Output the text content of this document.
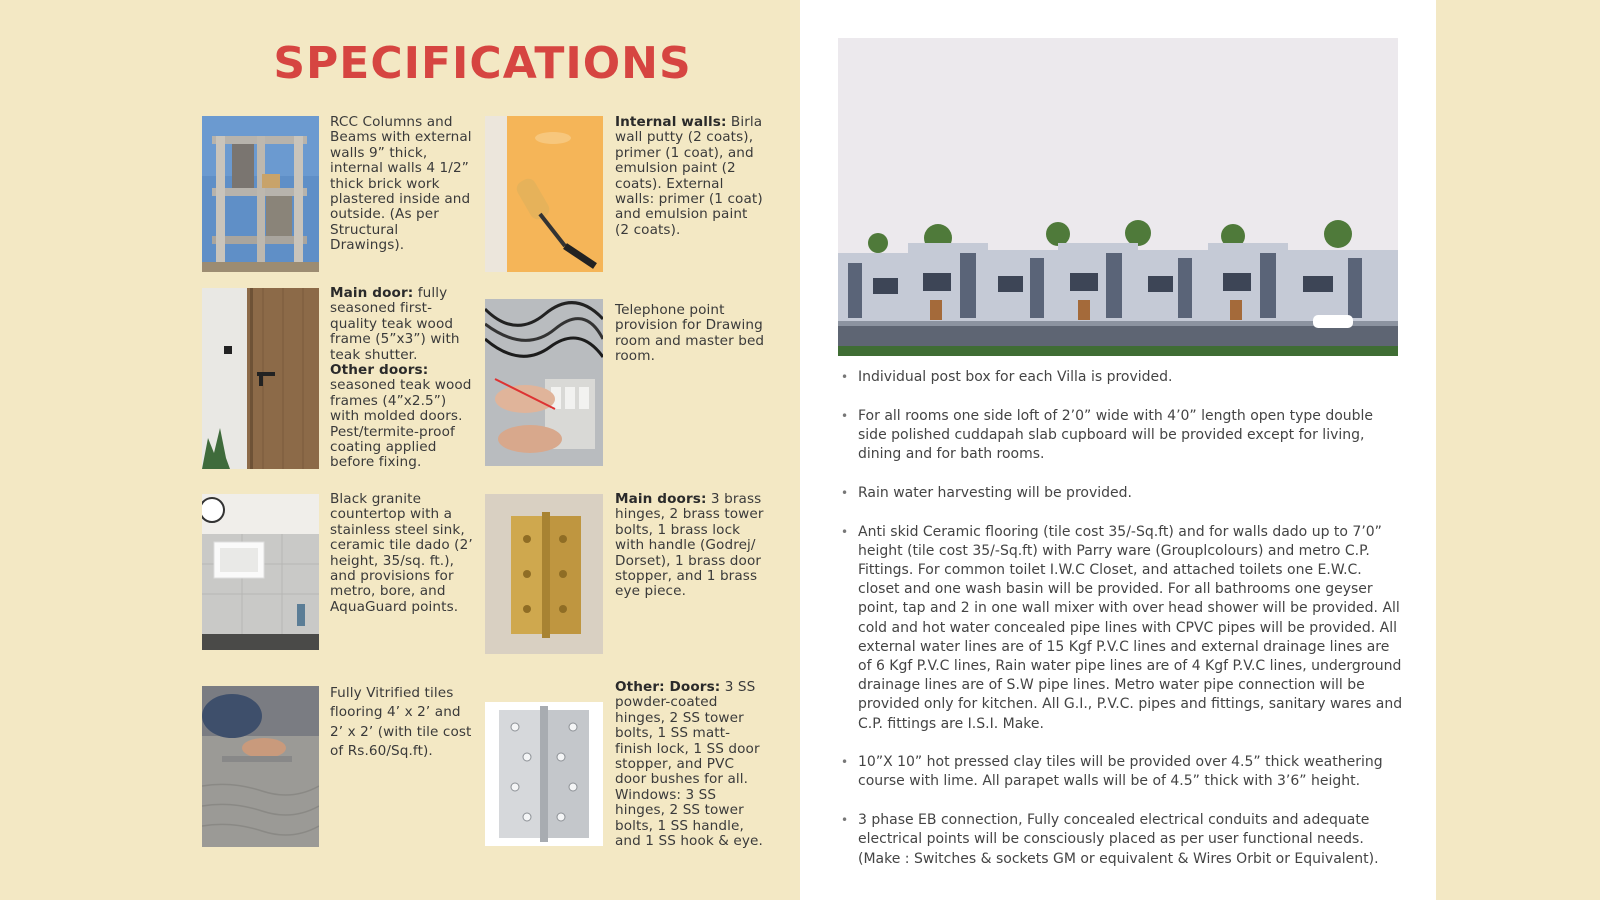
SPECIFICATIONS

RCC Columns and Beams with external walls 9” thick, internal walls 4 1/2” thick brick work plastered inside and outside. (As per Structural Drawings).

Internal walls: Birla wall putty (2 coats), primer (1 coat), and emulsion paint (2 coats). External walls: primer (1 coat) and emulsion paint (2 coats).

Main door: fully seasoned first-quality teak wood frame (5”x3”) with teak shutter.
Other doors: seasoned teak wood frames (4”x2.5”) with molded doors. Pest/termite-proof coating applied before fixing.

Telephone point provision for Drawing room and master bed room.

Black granite countertop with a stainless steel sink, ceramic tile dado (2’ height, 35/sq. ft.), and provisions for metro, bore, and AquaGuard points.

Main doors: 3 brass hinges, 2 brass tower bolts, 1 brass lock with handle (Godrej/ Dorset), 1 brass door stopper, and 1 brass eye piece.

Fully Vitrified tiles flooring 4’ x 2’ and 2’ x 2’ (with tile cost of Rs.60/Sq.ft).

Other: Doors: 3 SS powder-coated hinges, 2 SS tower bolts, 1 SS matt-finish lock, 1 SS door stopper, and PVC door bushes for all. Windows: 3 SS hinges, 2 SS tower bolts, 1 SS handle, and 1 SS hook & eye.

• Individual post box for each Villa is provided.
• For all rooms one side loft of 2’0” wide with 4’0” length open type double side polished cuddapah slab cupboard will be provided except for living, dining and for bath rooms.
• Rain water harvesting will be provided.
• Anti skid Ceramic flooring (tile cost 35/-Sq.ft) and for walls dado up to 7’0” height (tile cost 35/-Sq.ft) with Parry ware (Grouplcolours) and metro C.P. Fittings. For common toilet I.W.C Closet, and attached toilets one E.W.C. closet and one wash basin will be provided. For all bathrooms one geyser point, tap and 2 in one wall mixer with over head shower will be provided. All cold and hot water concealed pipe lines with CPVC pipes will be provided. All external water lines are of 15 Kgf P.V.C lines and external drainage lines are of 6 Kgf P.V.C lines, Rain water pipe lines are of 4 Kgf P.V.C lines, underground drainage lines are of S.W pipe lines. Metro water pipe connection will be provided only for kitchen. All G.I., P.V.C. pipes and fittings, sanitary wares and C.P. fittings are I.S.I. Make.
• 10”X 10” hot pressed clay tiles will be provided over 4.5” thick weathering course with lime. All parapet walls will be of 4.5” thick with 3’6” height.
• 3 phase EB connection, Fully concealed electrical conduits and adequate electrical points will be consciously placed as per user functional needs. (Make : Switches & sockets GM or equivalent & Wires Orbit or Equivalent).
